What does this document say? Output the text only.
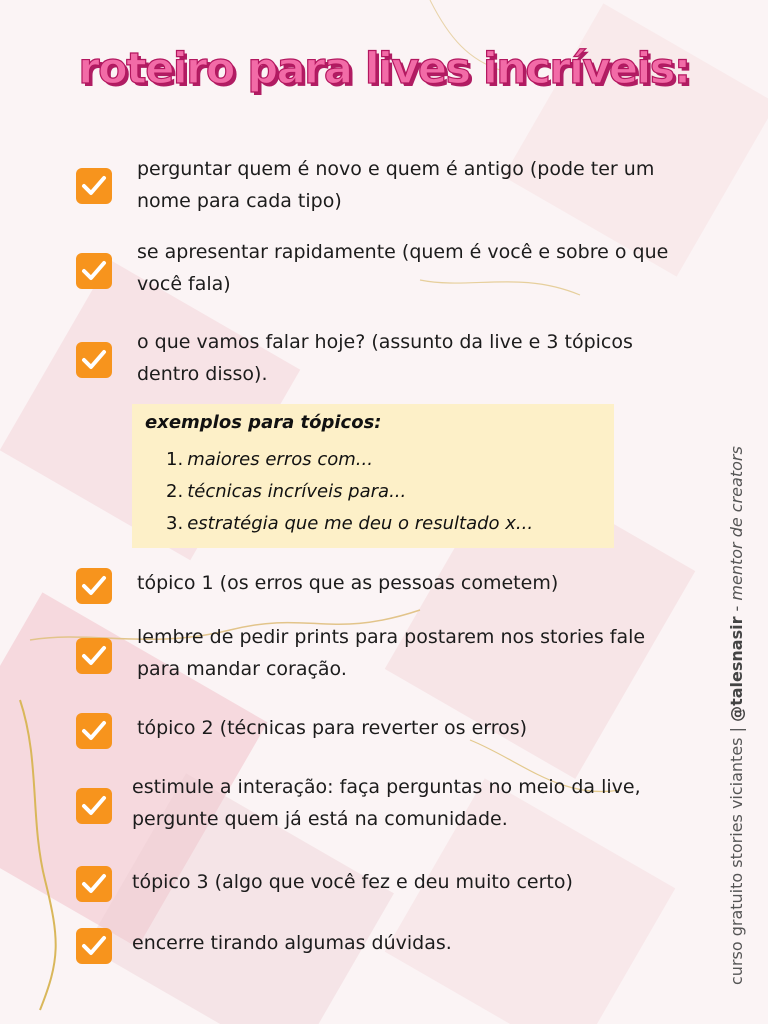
roteiro para lives incríveis:
perguntar quem é novo e quem é antigo (pode ter um nome para cada tipo)
se apresentar rapidamente (quem é você e sobre o que você fala)
o que vamos falar hoje? (assunto da live e 3 tópicos dentro disso).
exemplos para tópicos:
1. maiores erros com...
2. técnicas incríveis para...
3. estratégia que me deu o resultado x...
tópico 1 (os erros que as pessoas cometem)
lembre de pedir prints para postarem nos stories fale para mandar coração.
tópico 2 (técnicas para reverter os erros)
estimule a interação: faça perguntas no meio da live, pergunte quem já está na comunidade.
tópico 3 (algo que você fez e deu muito certo)
encerre tirando algumas dúvidas.	curso gratuito stories viciantes | @talesnasir - mentor de creators
